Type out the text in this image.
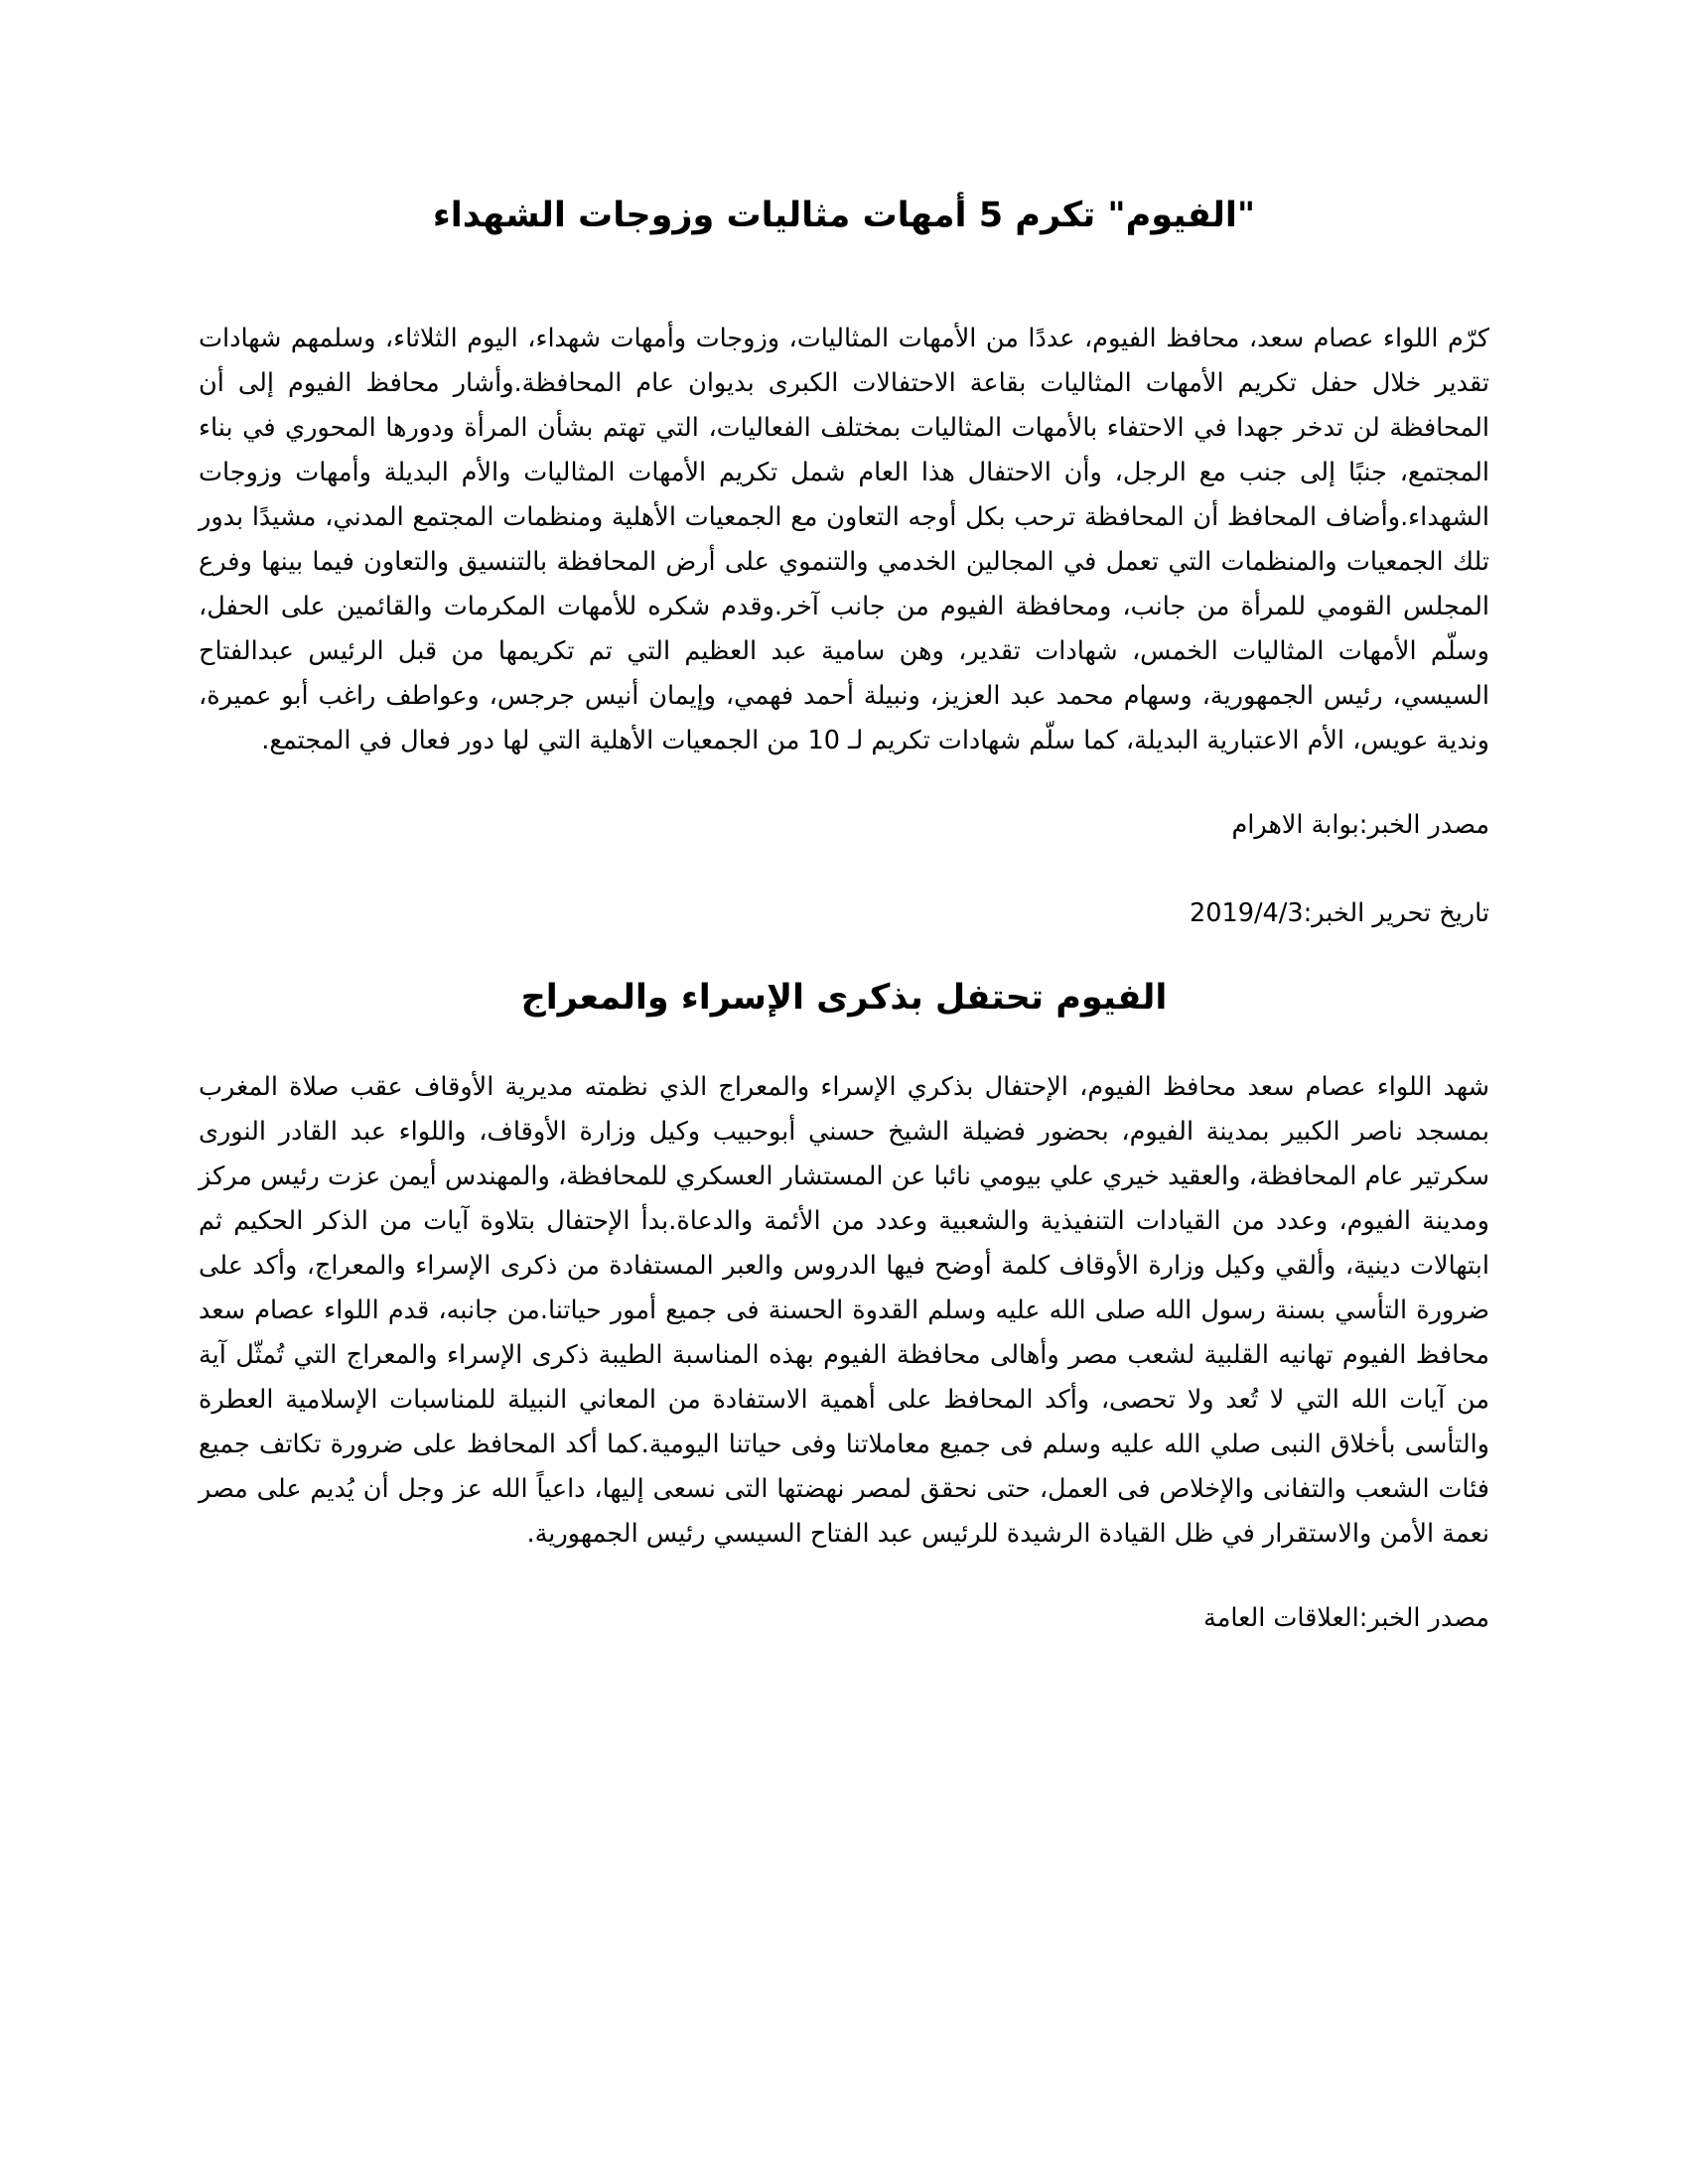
"الفيوم" تكرم 5 أمهات مثاليات وزوجات الشهداء

كرّم اللواء عصام سعد، محافظ الفيوم، عددًا من الأمهات المثاليات، وزوجات وأمهات شهداء، اليوم الثلاثاء، وسلمهم شهادات تقدير خلال حفل تكريم الأمهات المثاليات بقاعة الاحتفالات الكبرى بديوان عام المحافظة.وأشار محافظ الفيوم إلى أن المحافظة لن تدخر جهدا في الاحتفاء بالأمهات المثاليات بمختلف الفعاليات، التي تهتم بشأن المرأة ودورها المحوري في بناء المجتمع، جنبًا إلى جنب مع الرجل، وأن الاحتفال هذا العام شمل تكريم الأمهات المثاليات والأم البديلة وأمهات وزوجات الشهداء.وأضاف المحافظ أن المحافظة ترحب بكل أوجه التعاون مع الجمعيات الأهلية ومنظمات المجتمع المدني، مشيدًا بدور تلك الجمعيات والمنظمات التي تعمل في المجالين الخدمي والتنموي على أرض المحافظة بالتنسيق والتعاون فيما بينها وفرع المجلس القومي للمرأة من جانب، ومحافظة الفيوم من جانب آخر.وقدم شكره للأمهات المكرمات والقائمين على الحفل، وسلّم الأمهات المثاليات الخمس، شهادات تقدير، وهن سامية عبد العظيم التي تم تكريمها من قبل الرئيس عبدالفتاح السيسي، رئيس الجمهورية، وسهام محمد عبد العزيز، ونبيلة أحمد فهمي، وإيمان أنيس جرجس، وعواطف راغب أبو عميرة، وندية عويس، الأم الاعتبارية البديلة، كما سلّم شهادات تكريم لـ 10 من الجمعيات الأهلية التي لها دور فعال في المجتمع.

مصدر الخبر:بوابة الاهرام

تاريخ تحرير الخبر:2019/4/3

الفيوم تحتفل بذكرى الإسراء والمعراج

شهد اللواء عصام سعد محافظ الفيوم، الإحتفال بذكري الإسراء والمعراج الذي نظمته مديرية الأوقاف عقب صلاة المغرب بمسجد ناصر الكبير بمدينة الفيوم، بحضور فضيلة الشيخ حسني أبوحبيب وكيل وزارة الأوقاف، واللواء عبد القادر النورى سكرتير عام المحافظة، والعقيد خيري علي بيومي نائبا عن المستشار العسكري للمحافظة، والمهندس أيمن عزت رئيس مركز ومدينة الفيوم، وعدد من القيادات التنفيذية والشعبية وعدد من الأئمة والدعاة.بدأ الإحتفال بتلاوة آيات من الذكر الحكيم ثم ابتهالات دينية، وألقي وكيل وزارة الأوقاف كلمة أوضح فيها الدروس والعبر المستفادة من ذكرى الإسراء والمعراج، وأكد على ضرورة التأسي بسنة رسول الله صلى الله عليه وسلم القدوة الحسنة فى جميع أمور حياتنا.من جانبه، قدم اللواء عصام سعد محافظ الفيوم تهانيه القلبية لشعب مصر وأهالى محافظة الفيوم بهذه المناسبة الطيبة ذكرى الإسراء والمعراج التي تُمثّل آية من آيات الله التي لا تُعد ولا تحصى، وأكد المحافظ على أهمية الاستفادة من المعاني النبيلة للمناسبات الإسلامية العطرة والتأسى بأخلاق النبى صلي الله عليه وسلم فى جميع معاملاتنا وفى حياتنا اليومية.كما أكد المحافظ على ضرورة تكاتف جميع فئات الشعب والتفانى والإخلاص فى العمل، حتى نحقق لمصر نهضتها التى نسعى إليها، داعياً الله عز وجل أن يُديم على مصر نعمة الأمن والاستقرار في ظل القيادة الرشيدة للرئيس عبد الفتاح السيسي رئيس الجمهورية.

مصدر الخبر:العلاقات العامة
